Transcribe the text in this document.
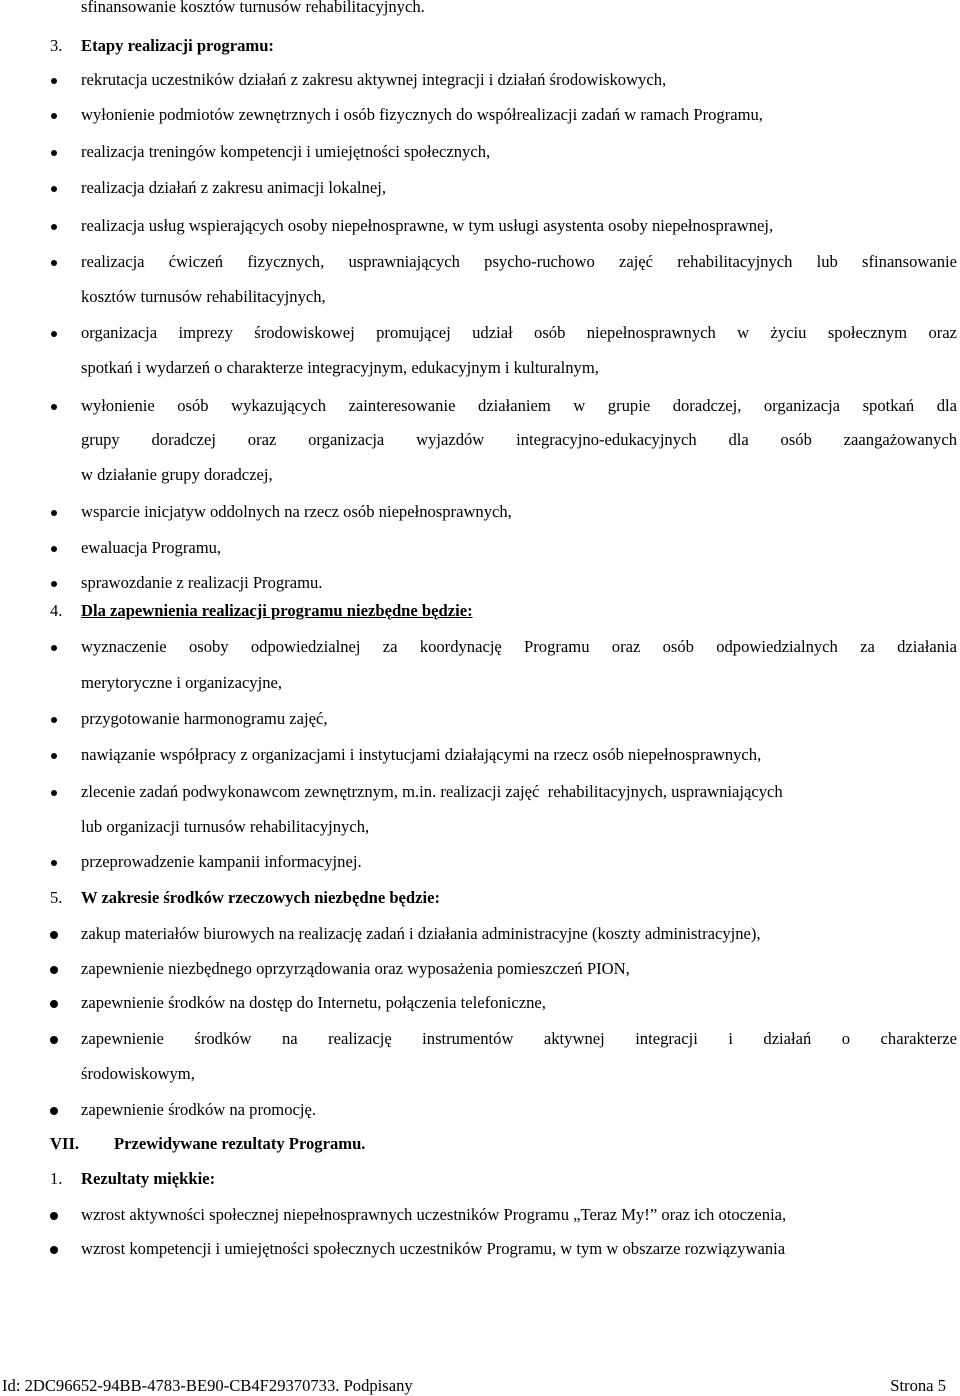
sfinansowanie kosztów turnusów rehabilitacyjnych.
3. Etapy realizacji programu:
rekrutacja uczestników działań z zakresu aktywnej integracji i działań środowiskowych,
wyłonienie podmiotów zewnętrznych i osób fizycznych do współrealizacji zadań w ramach Programu,
realizacja treningów kompetencji i umiejętności społecznych,
realizacja działań z zakresu animacji lokalnej,
realizacja usług wspierających osoby niepełnosprawne, w tym usługi asystenta osoby niepełnosprawnej,
realizacja ćwiczeń fizycznych, usprawniających psycho-ruchowo zajęć rehabilitacyjnych lub sfinansowanie
kosztów turnusów rehabilitacyjnych,
organizacja imprezy środowiskowej promującej udział osób niepełnosprawnych w życiu społecznym oraz
spotkań i wydarzeń o charakterze integracyjnym, edukacyjnym i kulturalnym,
wyłonienie osób wykazujących zainteresowanie działaniem w grupie doradczej, organizacja spotkań dla
grupy doradczej oraz organizacja wyjazdów integracyjno-edukacyjnych dla osób zaangażowanych
w działanie grupy doradczej,
wsparcie inicjatyw oddolnych na rzecz osób niepełnosprawnych,
ewaluacja Programu,
sprawozdanie z realizacji Programu.
4. Dla zapewnienia realizacji programu niezbędne będzie:
wyznaczenie osoby odpowiedzialnej za koordynację Programu oraz osób odpowiedzialnych za działania
merytoryczne i organizacyjne,
przygotowanie harmonogramu zajęć,
nawiązanie współpracy z organizacjami i instytucjami działającymi na rzecz osób niepełnosprawnych,
zlecenie zadań podwykonawcom zewnętrznym, m.in. realizacji zajęć  rehabilitacyjnych, usprawniających
lub organizacji turnusów rehabilitacyjnych,
przeprowadzenie kampanii informacyjnej.
5. W zakresie środków rzeczowych niezbędne będzie:
zakup materiałów biurowych na realizację zadań i działania administracyjne (koszty administracyjne),
zapewnienie niezbędnego oprzyrządowania oraz wyposażenia pomieszczeń PION,
zapewnienie środków na dostęp do Internetu, połączenia telefoniczne,
zapewnienie środków na realizację instrumentów aktywnej integracji i działań o charakterze
środowiskowym,
zapewnienie środków na promocję.
VII. Przewidywane rezultaty Programu.
1. Rezultaty miękkie:
wzrost aktywności społecznej niepełnosprawnych uczestników Programu „Teraz My!” oraz ich otoczenia,
wzrost kompetencji i umiejętności społecznych uczestników Programu, w tym w obszarze rozwiązywania
Id: 2DC96652-94BB-4783-BE90-CB4F29370733. Podpisany	Strona 5
